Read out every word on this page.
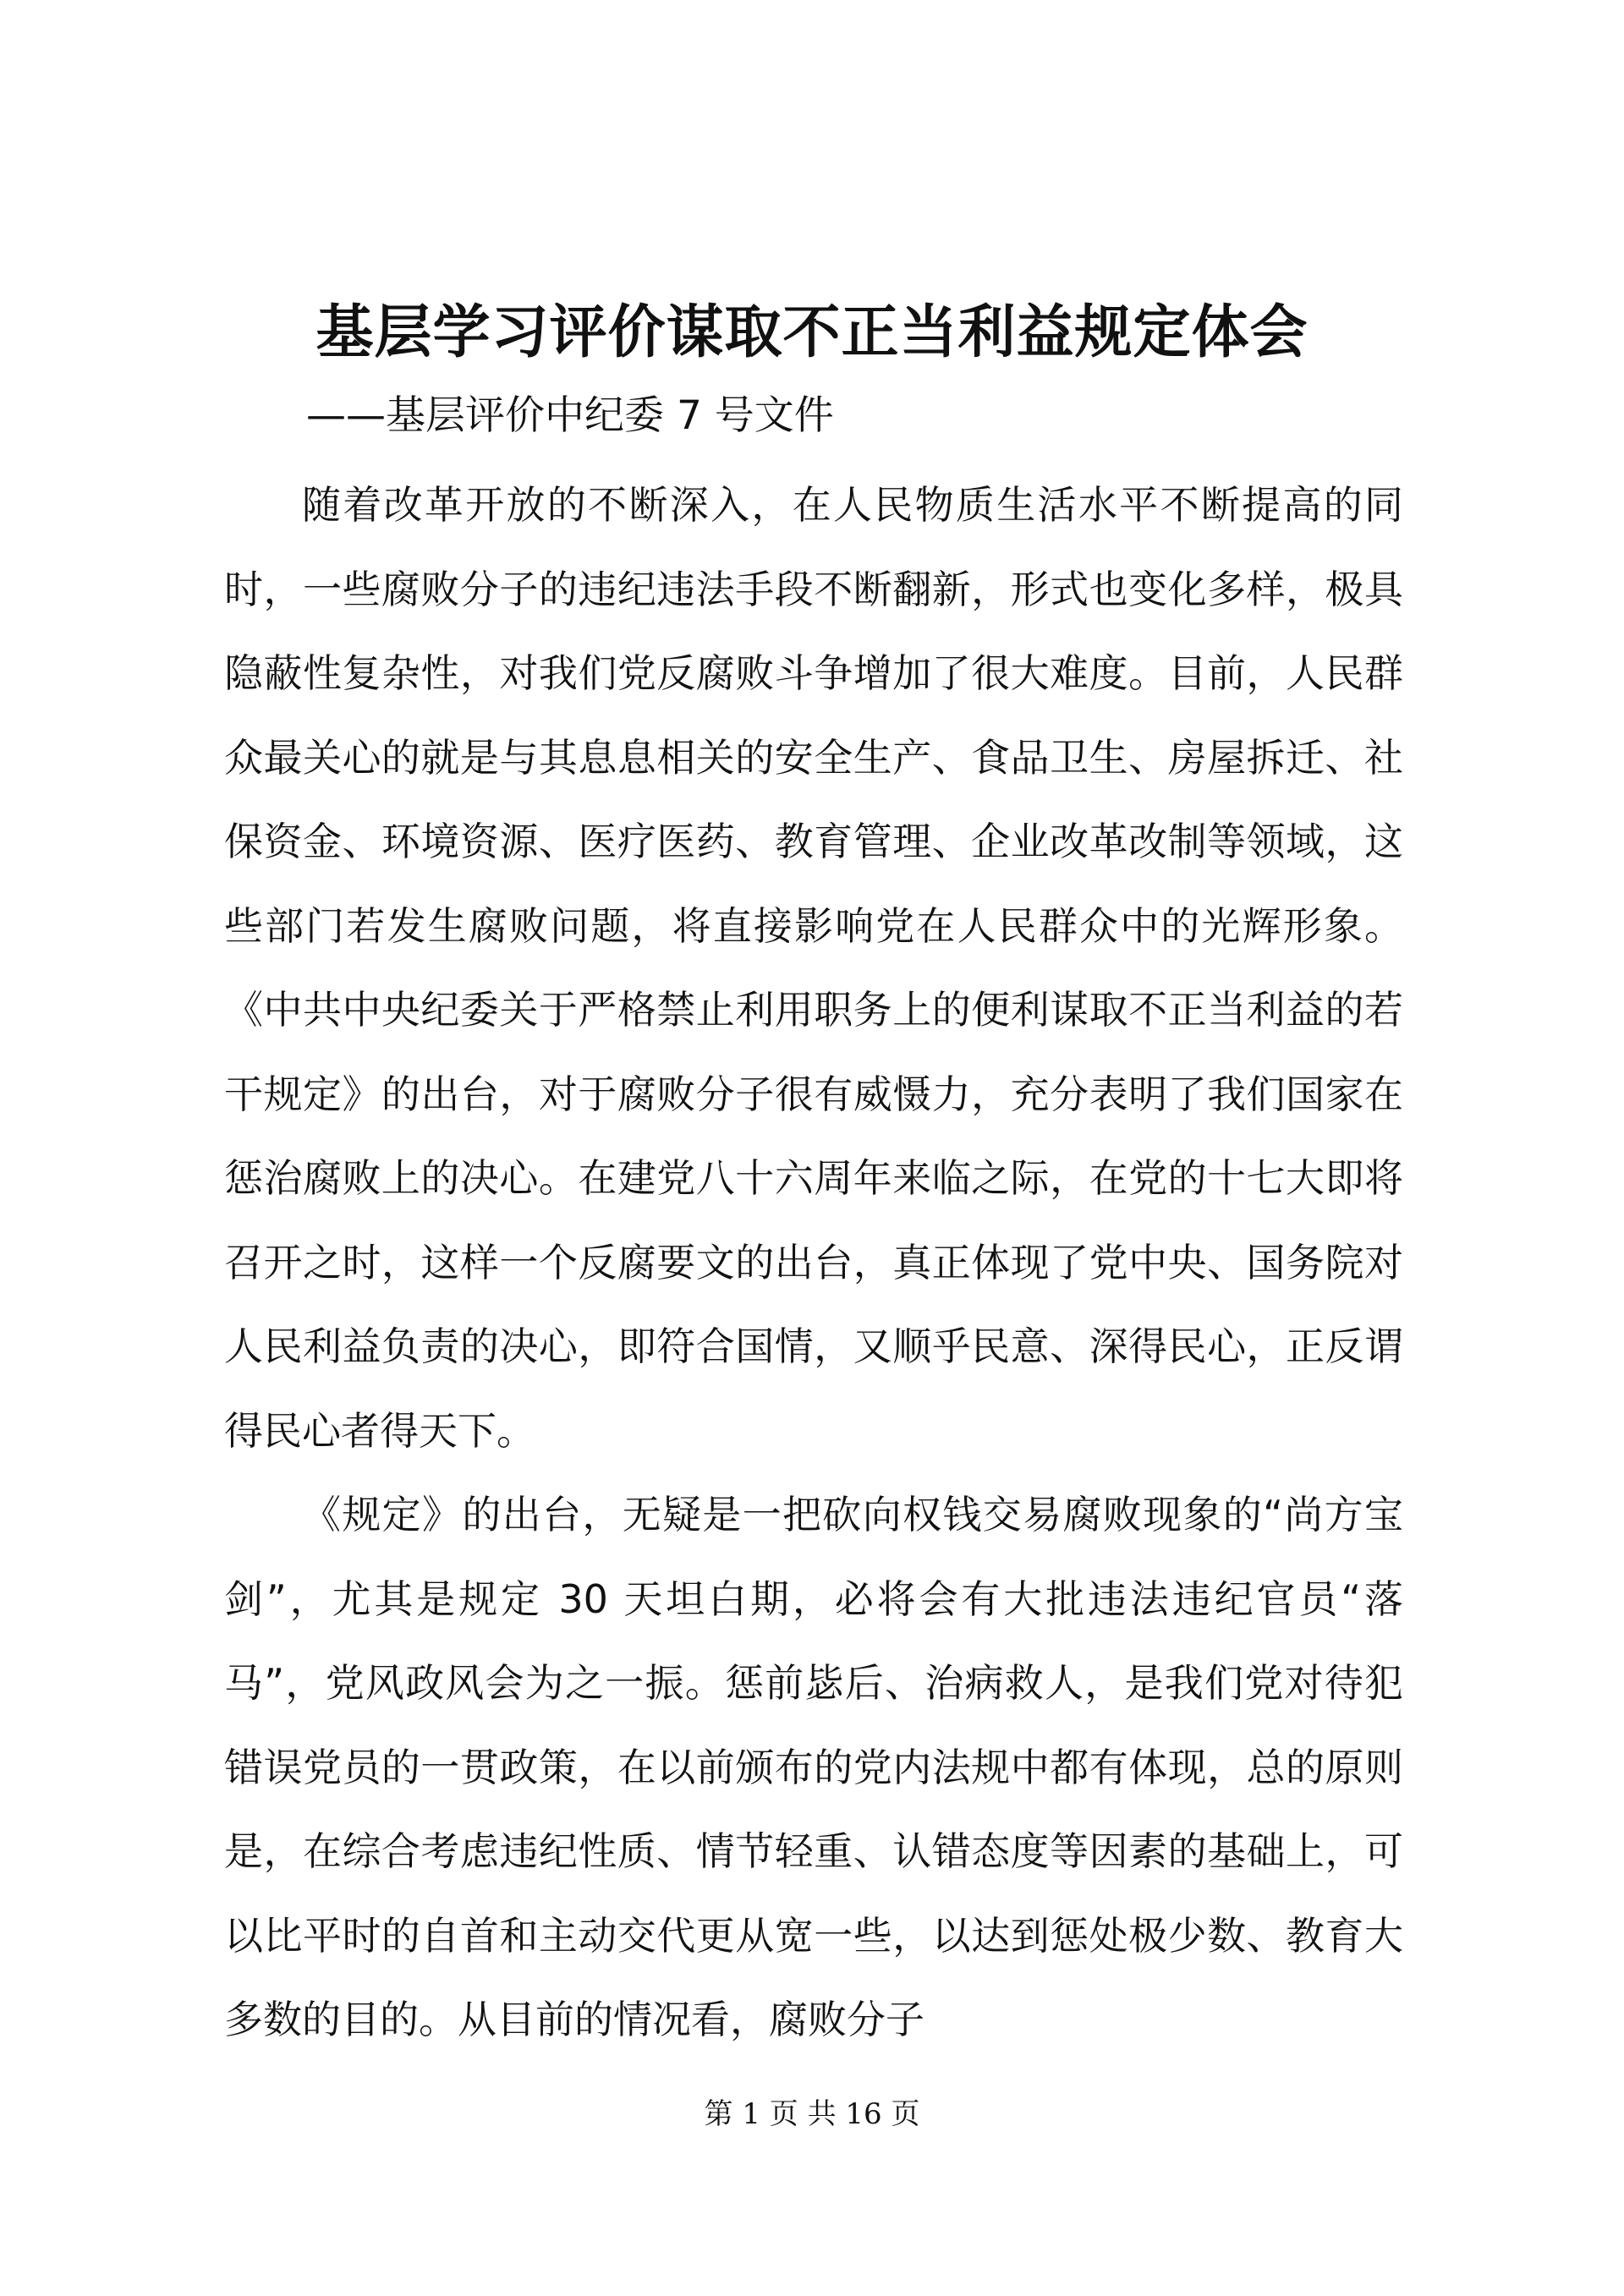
基层学习评价谋取不正当利益规定体会
——基层评价中纪委 7 号文件

随着改革开放的不断深入，在人民物质生活水平不断提高的同时，一些腐败分子的违纪违法手段不断翻新，形式也变化多样，极具隐蔽性复杂性，对我们党反腐败斗争增加了很大难度。目前，人民群众最关心的就是与其息息相关的安全生产、食品卫生、房屋拆迁、社保资金、环境资源、医疗医药、教育管理、企业改革改制等领域，这些部门若发生腐败问题，将直接影响党在人民群众中的光辉形象。《中共中央纪委关于严格禁止利用职务上的便利谋取不正当利益的若干规定》的出台，对于腐败分子很有威慑力，充分表明了我们国家在惩治腐败上的决心。在建党八十六周年来临之际，在党的十七大即将召开之时，这样一个反腐要文的出台，真正体现了党中央、国务院对人民利益负责的决心，即符合国情，又顺乎民意、深得民心，正反谓得民心者得天下。

《规定》的出台，无疑是一把砍向权钱交易腐败现象的“尚方宝剑”，尤其是规定 30 天坦白期，必将会有大批违法违纪官员“落马”，党风政风会为之一振。惩前毖后、治病救人，是我们党对待犯错误党员的一贯政策，在以前颁布的党内法规中都有体现，总的原则是，在综合考虑违纪性质、情节轻重、认错态度等因素的基础上，可以比平时的自首和主动交代更从宽一些，以达到惩处极少数、教育大多数的目的。从目前的情况看，腐败分子

第 1 页 共 16 页
